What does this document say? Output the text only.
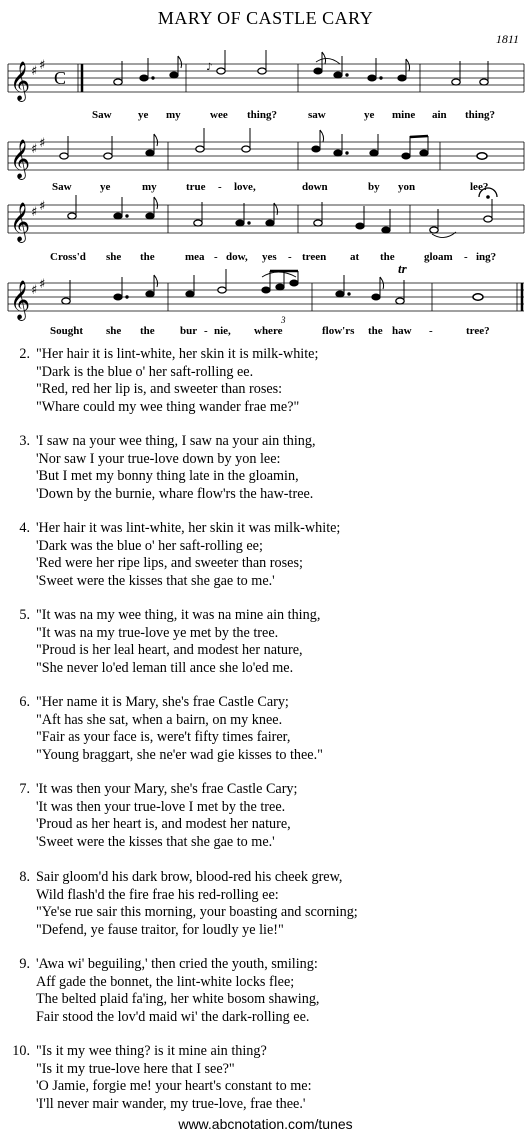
MARY OF CASTLE CARY
1811
𝄞 ♯ ♯
C
♪
Saw ye my	wee thing?	saw	ye mine ain thing?
𝄞 ♯ ♯
Saw	ye	my	true - love,	down	by yon	lee?
𝄞 ♯ ♯
Cross'd she the	mea - dow, yes - treen at the	gloam - ing?
𝄞 ♯ ♯
3
tr
Sought she the bur - nie, where	flow'rs the haw -	tree?
2. "Her hair it is lint-white, her skin it is milk-white;
"Dark is the blue o' her saft-rolling ee.
"Red, red her lip is, and sweeter than roses:
"Whare could my wee thing wander frae me?"
3. 'I saw na your wee thing, I saw na your ain thing,
'Nor saw I your true-love down by yon lee:
'But I met my bonny thing late in the gloamin,
'Down by the burnie, whare flow'rs the haw-tree.
4. 'Her hair it was lint-white, her skin it was milk-white;
'Dark was the blue o' her saft-rolling ee;
'Red were her ripe lips, and sweeter than roses;
'Sweet were the kisses that she gae to me.'
5. "It was na my wee thing, it was na mine ain thing,
"It was na my true-love ye met by the tree.
"Proud is her leal heart, and modest her nature,
"She never lo'ed leman till ance she lo'ed me.
6. "Her name it is Mary, she's frae Castle Cary;
"Aft has she sat, when a bairn, on my knee.
"Fair as your face is, were't fifty times fairer,
"Young braggart, she ne'er wad gie kisses to thee."
7. 'It was then your Mary, she's frae Castle Cary;
'It was then your true-love I met by the tree.
'Proud as her heart is, and modest her nature,
'Sweet were the kisses that she gae to me.'
8. Sair gloom'd his dark brow, blood-red his cheek grew,
Wild flash'd the fire frae his red-rolling ee:
"Ye'se rue sair this morning, your boasting and scorning;
"Defend, ye fause traitor, for loudly ye lie!"
9. 'Awa wi' beguiling,' then cried the youth, smiling:
Aff gade the bonnet, the lint-white locks flee;
The belted plaid fa'ing, her white bosom shawing,
Fair stood the lov'd maid wi' the dark-rolling ee.
10. "Is it my wee thing? is it mine ain thing?
"Is it my true-love here that I see?"
'O Jamie, forgie me! your heart's constant to me:
'I'll never mair wander, my true-love, frae thee.'
www.abcnotation.com/tunes
